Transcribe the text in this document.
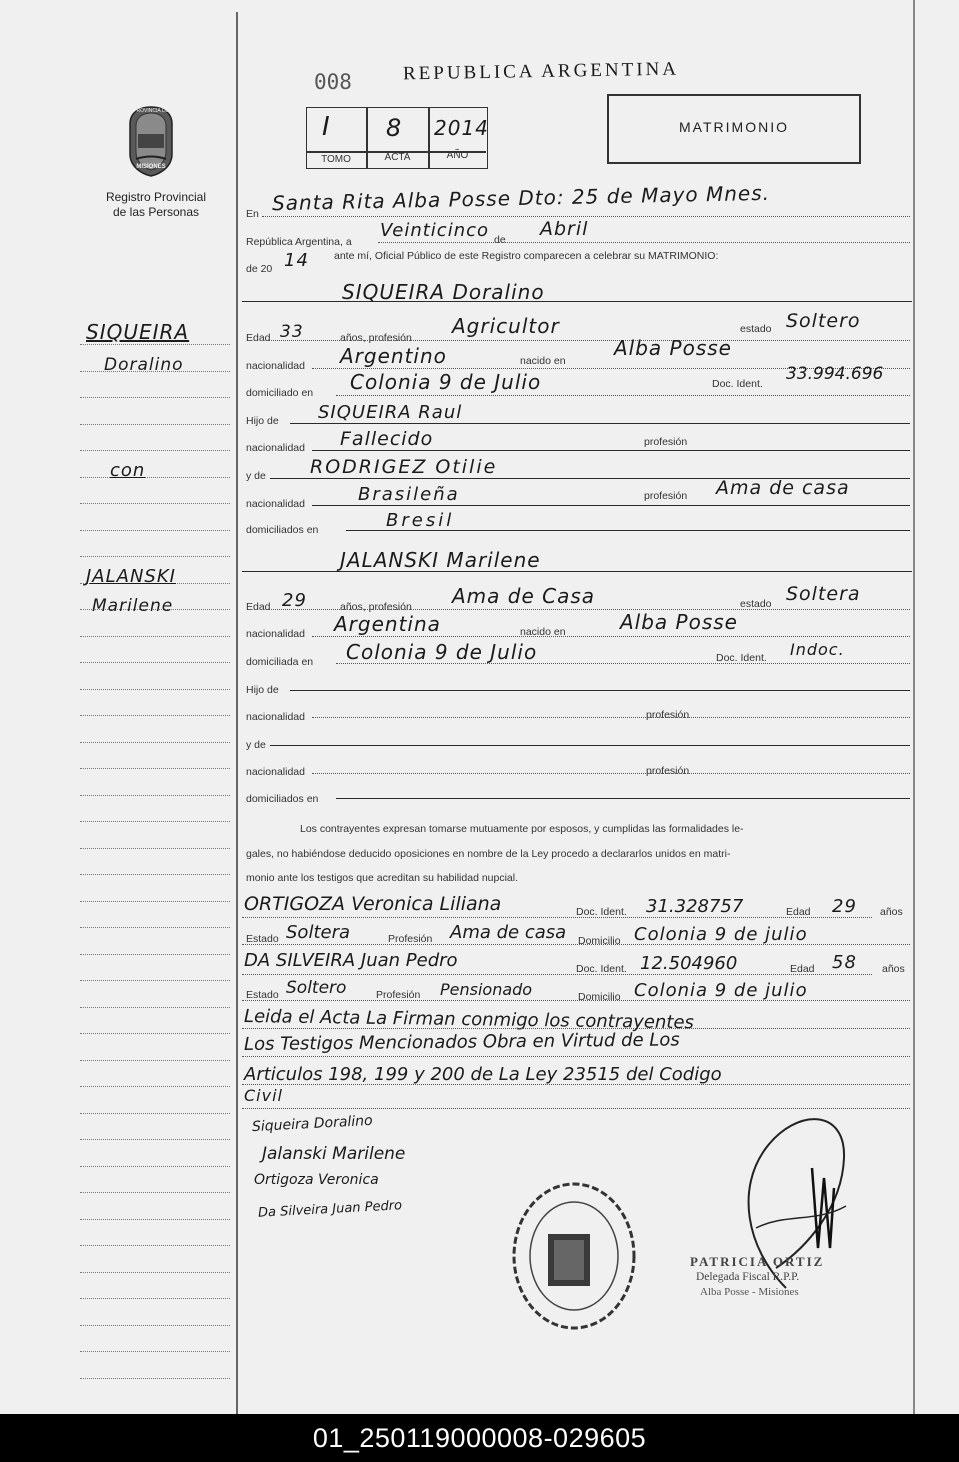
PROVINCIA DE
MISIONES
Registro Provincial
de las Personas
008	REPUBLICA ARGENTINA
I 8 2014
TOMO	ACTA	AÑO
MATRIMONIO
En Santa Rita Alba Posse Dto: 25 de Mayo Mnes.
República Argentina, a
Veinticinco de Abril
de 20 14 ante mí, Oficial Público de este Registro comparecen a celebrar su MATRIMONIO:
SIQUEIRA Doralino
Edad 33	años, profesión Agricultor	estado Soltero
nacionalidad Argentino	nacido en
Alba Posse
domiciliado en Colonia 9 de Julio	Doc. Ident. 33.994.696
Hijo de SIQUEIRA Raul
nacionalidad Fallecido	profesión
y de RODRIGEZ Otilie
nacionalidad	Brasileña	profesión Ama de casa
domiciliados en	Bresil
JALANSKI Marilene
Edad 29	años, profesión Ama de Casa	estado Soltera
nacionalidad Argentina	nacido en	Alba Posse
domiciliada en Colonia 9 de Julio	Doc. Ident. Indoc.
Hijo de
nacionalidad	profesión
y de
nacionalidad	profesión
domiciliados en
Los contrayentes expresan tomarse mutuamente por esposos, y cumplidas las formalidades le-
gales, no habiéndose deducido oposiciones en nombre de la Ley procedo a declararlos unidos en matri-
monio ante los testigos que acreditan su habilidad nupcial.
ORTIGOZA Veronica Liliana	Doc. Ident. 31.328757	Edad 29 años
Estado Soltera	Profesión Ama de casa Domicilio Colonia 9 de julio
DA SILVEIRA Juan Pedro	Doc. Ident. 12.504960	Edad 58 años
Estado Soltero	Profesión Pensionado	Domicilio Colonia 9 de julio
Leida el Acta La Firman conmigo los contrayentes
Los Testigos Mencionados Obra en Virtud de Los
Articulos 198, 199 y 200 de La Ley 23515 del Codigo
Civil
Siqueira Doralino
Jalanski Marilene
Ortigoza Veronica
Da Silveira Juan Pedro
PATRICIA ORTIZ
Delegada Fiscal R.P.P.
Alba Posse - Misiones
SIQUEIRA
Doralino
con
JALANSKI
Marilene
01_250119000008-029605
